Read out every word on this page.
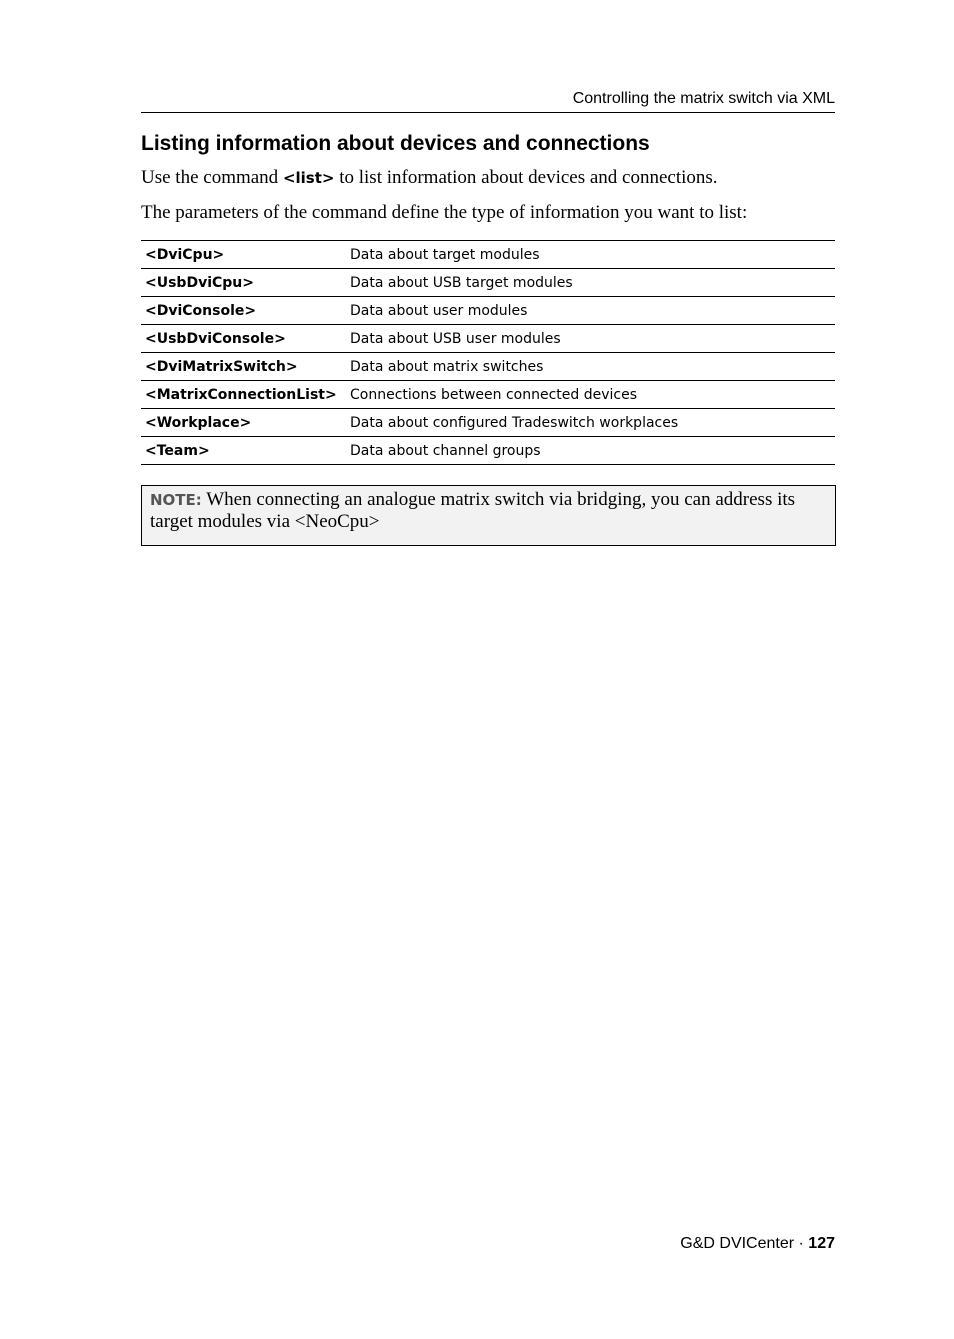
Controlling the matrix switch via XML
Listing information about devices and connections

Use the command <list> to list information about devices and connections.

The parameters of the command define the type of information you want to list:

<DviCpu>	Data about target modules
<UsbDviCpu>	Data about USB target modules
<DviConsole>	Data about user modules
<UsbDviConsole>	Data about USB user modules
<DviMatrixSwitch>	Data about matrix switches
<MatrixConnectionList>	Connections between connected devices
<Workplace>	Data about configured Tradeswitch workplaces
<Team>	Data about channel groups
NOTE: When connecting an analogue matrix switch via bridging, you can address its target modules via <NeoCpu>
G&D DVICenter · 127
